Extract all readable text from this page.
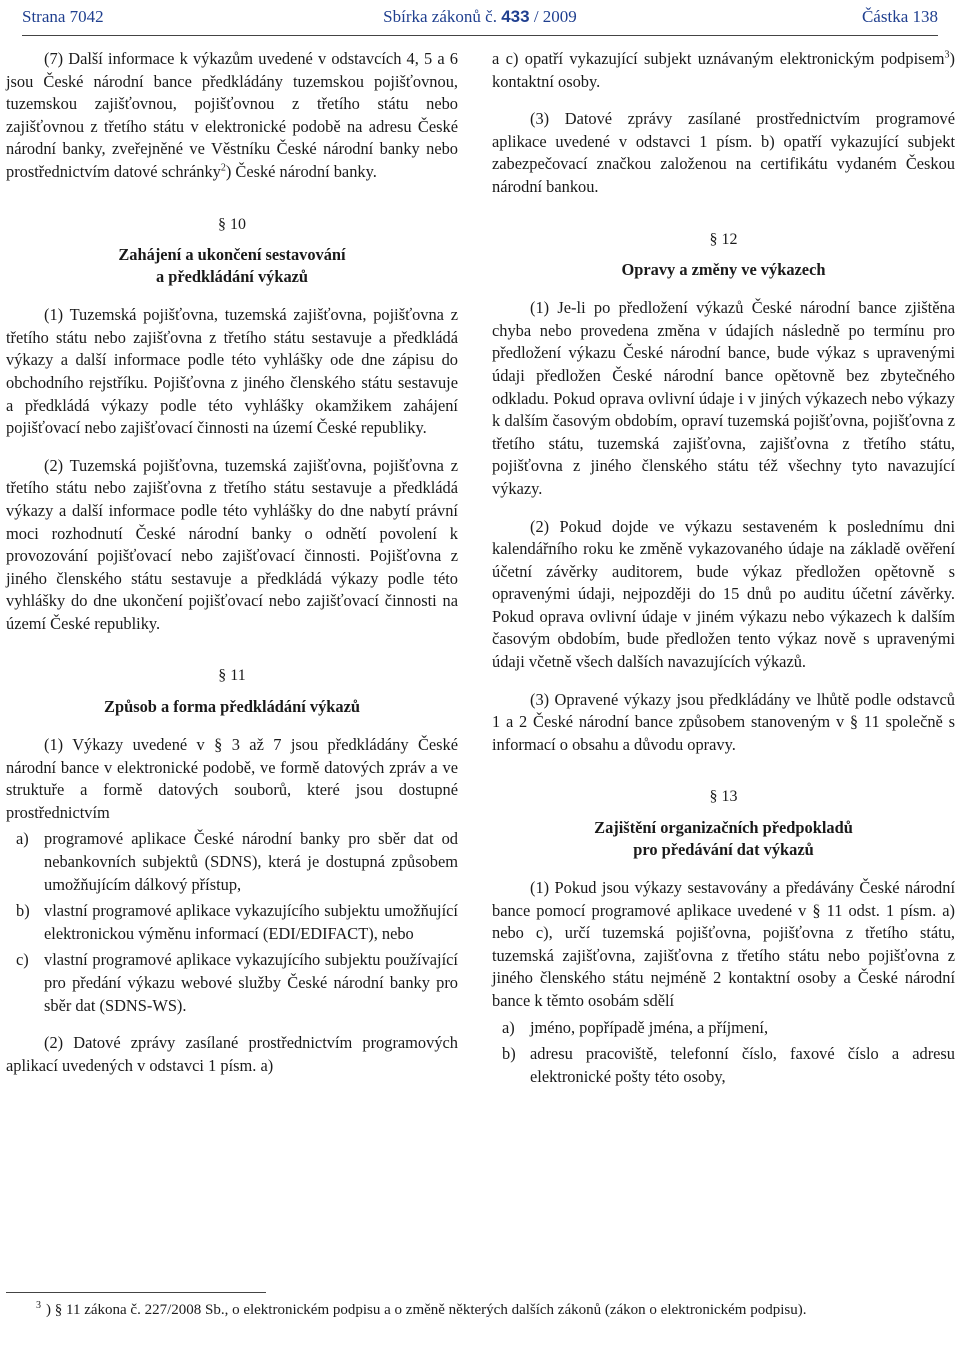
Strana 7042	Sbírka zákonů č. 433 / 2009	Částka 138

(7) Další informace k výkazům uvedené v odstavcích 4, 5 a 6 jsou České národní bance předkládány tuzemskou pojišťovnou, tuzemskou zajišťovnou, pojišťovnou z třetího státu nebo zajišťovnou z třetího státu v elektronické podobě na adresu České národní banky, zveřejněné ve Věstníku České národní banky nebo prostřednictvím datové schránky$^2$) České národní banky.

§ 10
Zahájení a ukončení sestavování
a předkládání výkazů

(1) Tuzemská pojišťovna, tuzemská zajišťovna, pojišťovna z třetího státu nebo zajišťovna z třetího státu sestavuje a předkládá výkazy a další informace podle této vyhlášky ode dne zápisu do obchodního rejstříku. Pojišťovna z jiného členského státu sestavuje a předkládá výkazy podle této vyhlášky okamžikem zahájení pojišťovací nebo zajišťovací činnosti na území České republiky.

(2) Tuzemská pojišťovna, tuzemská zajišťovna, pojišťovna z třetího státu nebo zajišťovna z třetího státu sestavuje a předkládá výkazy a další informace podle této vyhlášky do dne nabytí právní moci rozhodnutí České národní banky o odnětí povolení k provozování pojišťovací nebo zajišťovací činnosti. Pojišťovna z jiného členského státu sestavuje a předkládá výkazy podle této vyhlášky do dne ukončení pojišťovací nebo zajišťovací činnosti na území České republiky.

§ 11
Způsob a forma předkládání výkazů

(1) Výkazy uvedené v § 3 až 7 jsou předkládány České národní bance v elektronické podobě, ve formě datových zpráv a ve struktuře a formě datových souborů, které jsou dostupné prostřednictvím

a) programové aplikace České národní banky pro sběr dat od nebankovních subjektů (SDNS), která je dostupná způsobem umožňujícím dálkový přístup,
b) vlastní programové aplikace vykazujícího subjektu umožňující elektronickou výměnu informací (EDI/EDIFACT), nebo
c) vlastní programové aplikace vykazujícího subjektu používající pro předání výkazu webové služby České národní banky pro sběr dat (SDNS-WS).

(2) Datové zprávy zasílané prostřednictvím programových aplikací uvedených v odstavci 1 písm. a)

a c) opatří vykazující subjekt uznávaným elektronickým podpisem$^3$) kontaktní osoby.

(3) Datové zprávy zasílané prostřednictvím programové aplikace uvedené v odstavci 1 písm. b) opatří vykazující subjekt zabezpečovací značkou založenou na certifikátu vydaném Českou národní bankou.

§ 12
Opravy a změny ve výkazech

(1) Je-li po předložení výkazů České národní bance zjištěna chyba nebo provedena změna v údajích následně po termínu pro předložení výkazu České národní bance, bude výkaz s upravenými údaji předložen České národní bance opětovně bez zbytečného odkladu. Pokud oprava ovlivní údaje i v jiných výkazech nebo výkazy k dalším časovým obdobím, opraví tuzemská pojišťovna, pojišťovna z třetího státu, tuzemská zajišťovna, zajišťovna z třetího státu, pojišťovna z jiného členského státu též všechny tyto navazující výkazy.

(2) Pokud dojde ve výkazu sestaveném k poslednímu dni kalendářního roku ke změně vykazovaného údaje na základě ověření účetní závěrky auditorem, bude výkaz předložen opětovně s opravenými údaji, nejpozději do 15 dnů po auditu účetní závěrky. Pokud oprava ovlivní údaje v jiném výkazu nebo výkazech k dalším časovým obdobím, bude předložen tento výkaz nově s upravenými údaji včetně všech dalších navazujících výkazů.

(3) Opravené výkazy jsou předkládány ve lhůtě podle odstavců 1 a 2 České národní bance způsobem stanoveným v § 11 společně s informací o obsahu a důvodu opravy.

§ 13
Zajištění organizačních předpokladů
pro předávání dat výkazů

(1) Pokud jsou výkazy sestavovány a předávány České národní bance pomocí programové aplikace uvedené v § 11 odst. 1 písm. a) nebo c), určí tuzemská pojišťovna, pojišťovna z třetího státu, tuzemská zajišťovna, zajišťovna z třetího státu nebo pojišťovna z jiného členského státu nejméně 2 kontaktní osoby a České národní bance k těmto osobám sdělí

a) jméno, popřípadě jména, a příjmení,
b) adresu pracoviště, telefonní číslo, faxové číslo a adresu elektronické pošty této osoby,
$^3$ ) § 11 zákona č. 227/2008 Sb., o elektronickém podpisu a o změně některých dalších zákonů (zákon o elektronickém podpisu).
